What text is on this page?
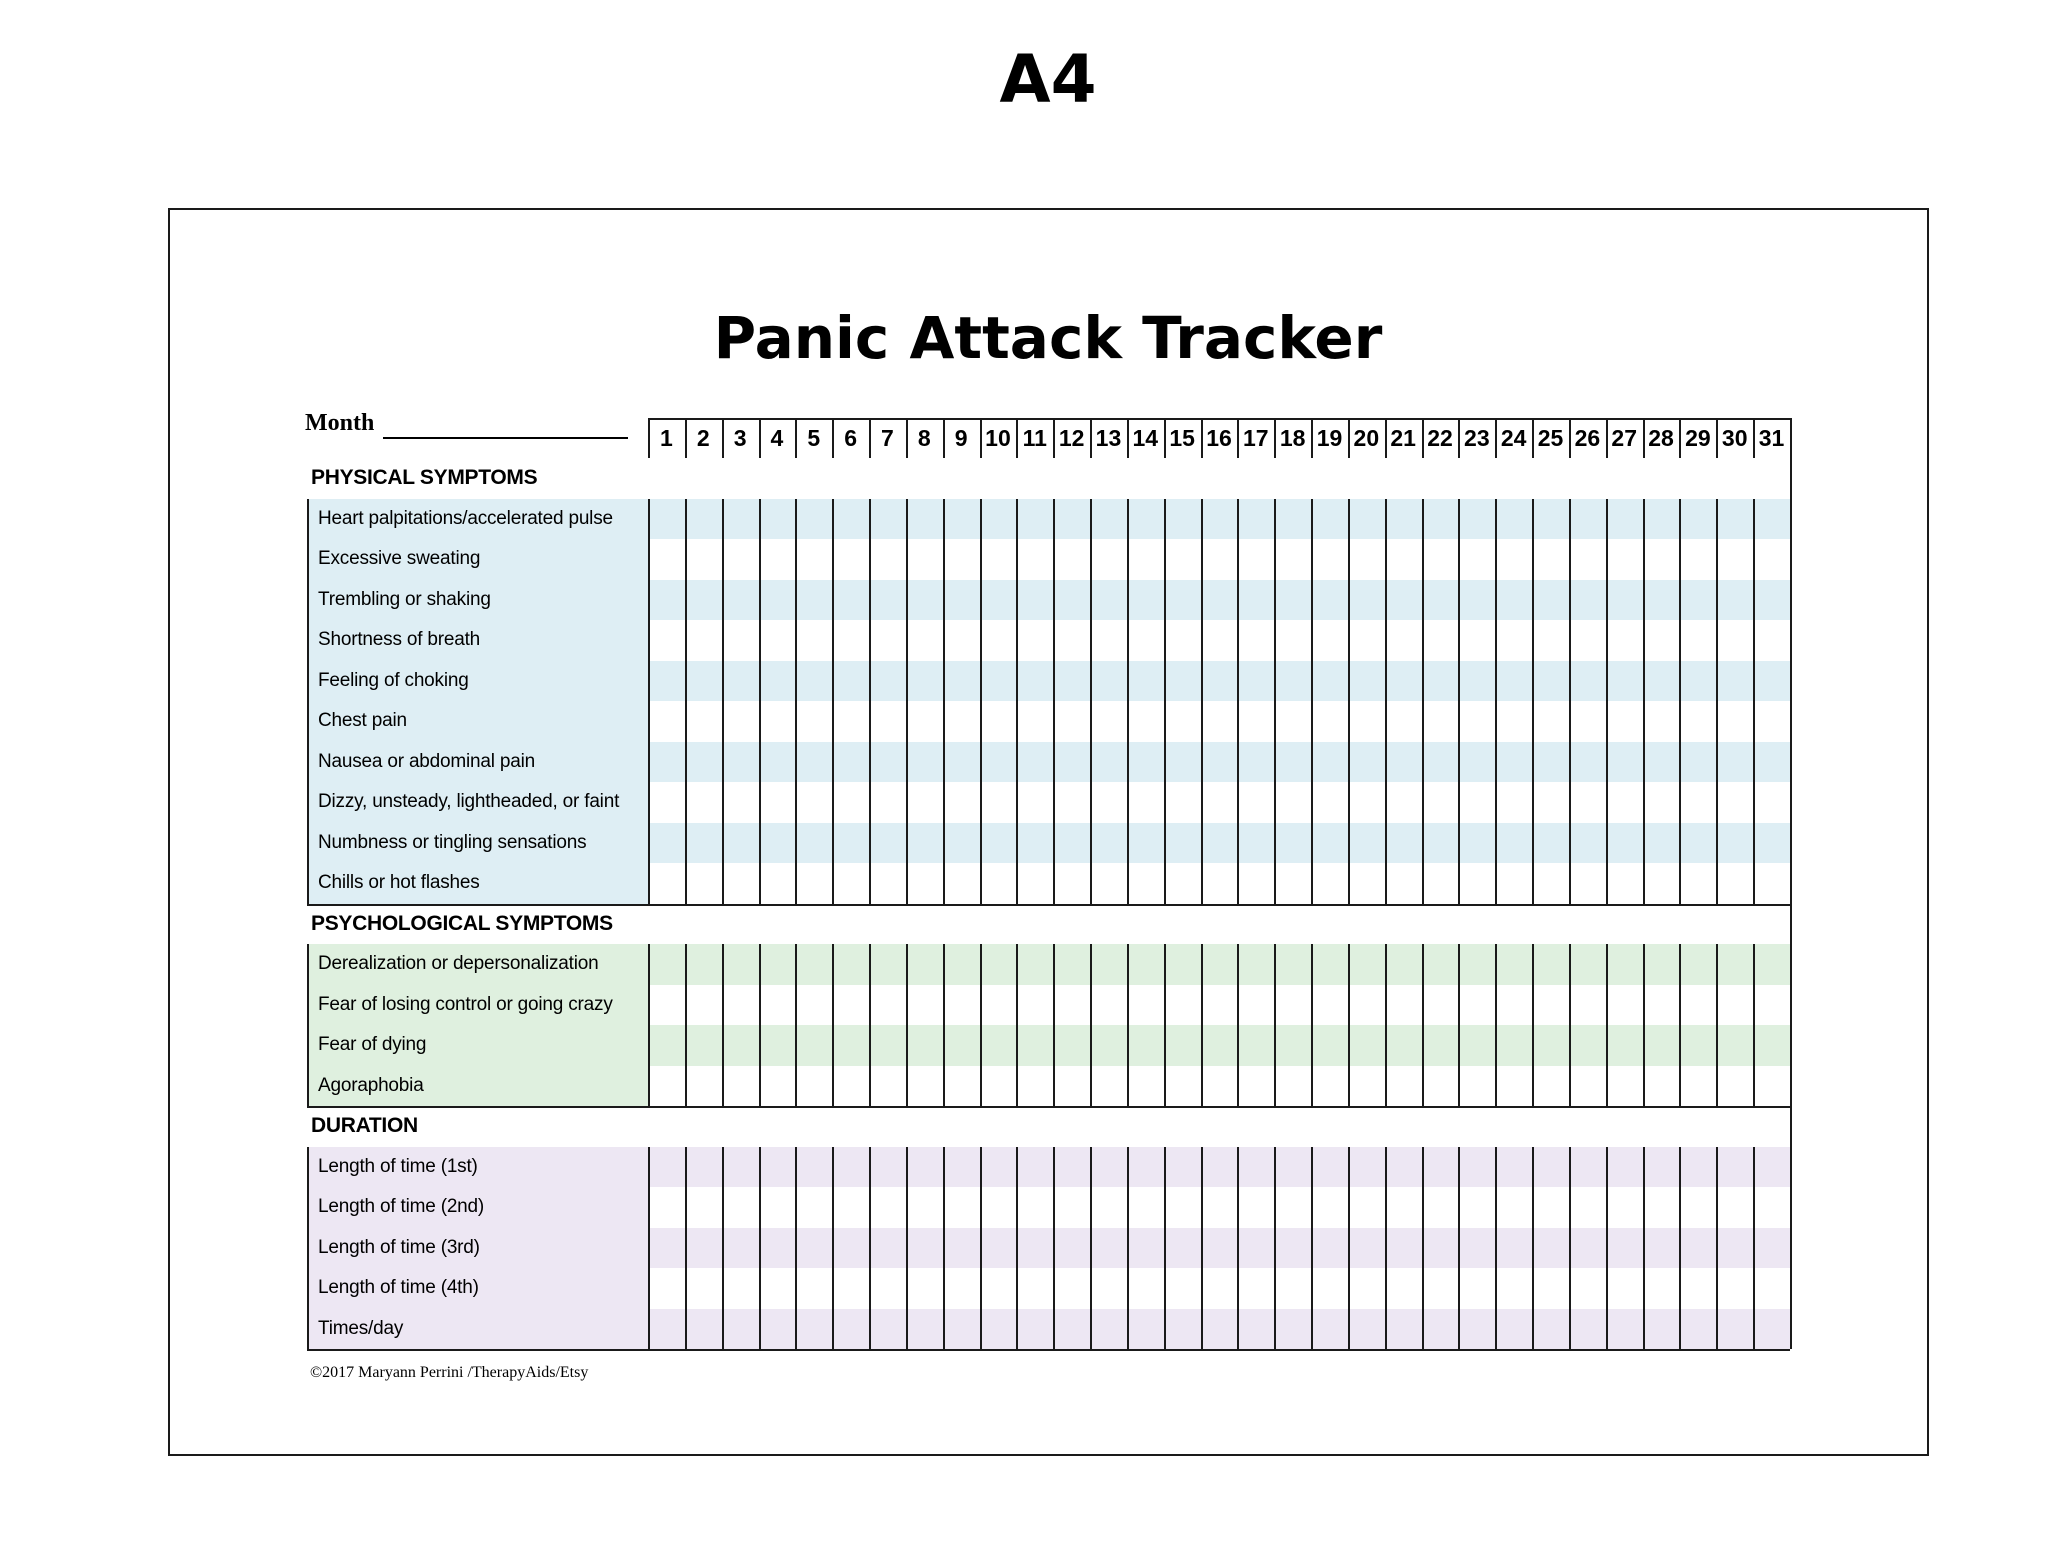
A4
Panic Attack Tracker
Month
1	2	3	4	5	6	7	8	9 10 11 12 13 14 15 16 17 18 19 20 21 22 23 24 25 26 27 28 29 30 31
PHYSICAL SYMPTOMS
Heart palpitations/accelerated pulse
Excessive sweating
Trembling or shaking
Shortness of breath
Feeling of choking
Chest pain
Nausea or abdominal pain
Dizzy, unsteady, lightheaded, or faint
Numbness or tingling sensations
Chills or hot flashes
PSYCHOLOGICAL SYMPTOMS
Derealization or depersonalization
Fear of losing control or going crazy
Fear of dying
Agoraphobia
DURATION
Length of time (1st)
Length of time (2nd)
Length of time (3rd)
Length of time (4th)
Times/day
©2017 Maryann Perrini /TherapyAids/Etsy
